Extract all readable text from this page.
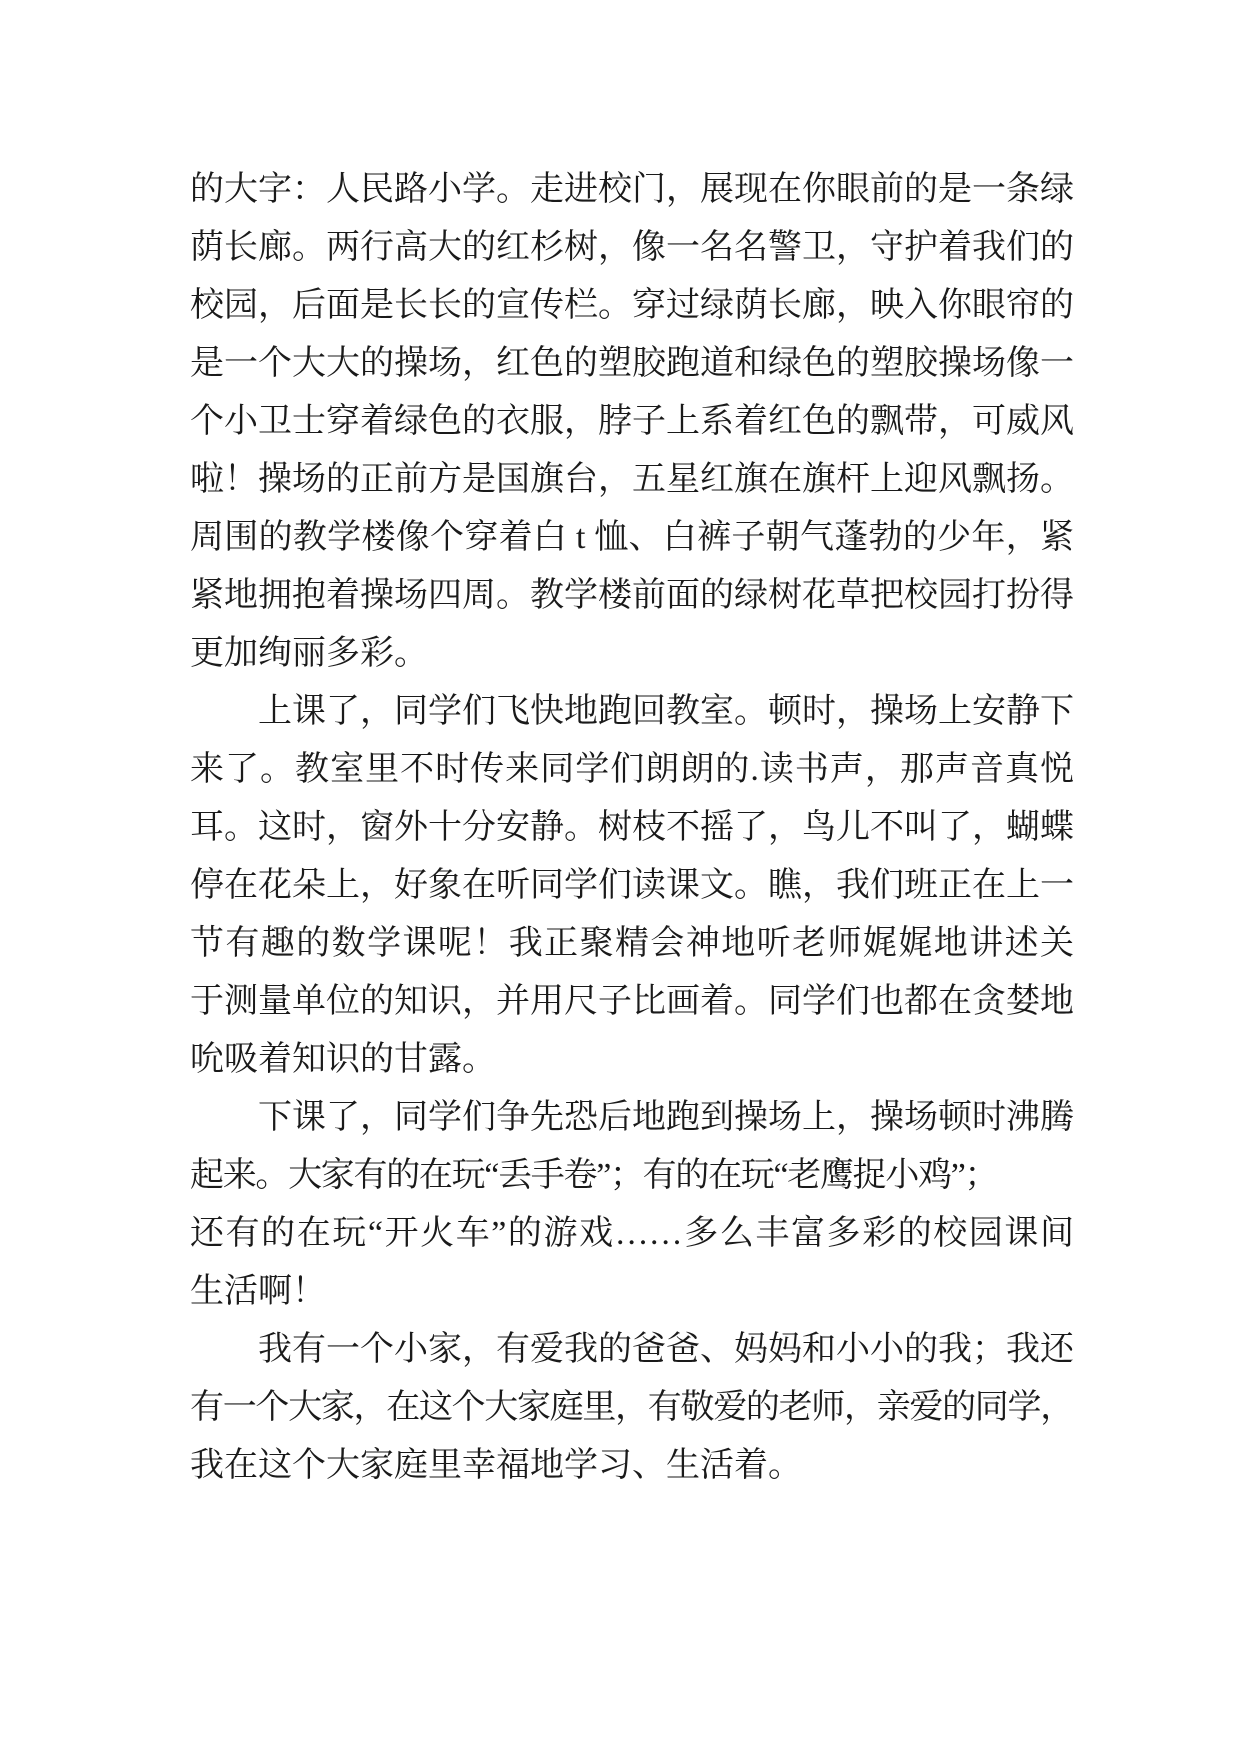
的大字：人民路小学。走进校门，展现在你眼前的是一条绿
荫长廊。两行高大的红杉树，像一名名警卫，守护着我们的
校园，后面是长长的宣传栏。穿过绿荫长廊，映入你眼帘的
是一个大大的操场，红色的塑胶跑道和绿色的塑胶操场像一
个小卫士穿着绿色的衣服，脖子上系着红色的飘带，可威风
啦！操场的正前方是国旗台，五星红旗在旗杆上迎风飘扬。
周围的教学楼像个穿着白 t 恤、白裤子朝气蓬勃的少年，紧
紧地拥抱着操场四周。教学楼前面的绿树花草把校园打扮得
更加绚丽多彩。
上课了，同学们飞快地跑回教室。顿时，操场上安静下
来了。教室里不时传来同学们朗朗的.读书声，那声音真悦
耳。这时，窗外十分安静。树枝不摇了，鸟儿不叫了，蝴蝶
停在花朵上，好象在听同学们读课文。瞧，我们班正在上一
节有趣的数学课呢！我正聚精会神地听老师娓娓地讲述关
于测量单位的知识，并用尺子比画着。同学们也都在贪婪地
吮吸着知识的甘露。
下课了，同学们争先恐后地跑到操场上，操场顿时沸腾
起来。大家有的在玩“丢手卷”；有的在玩“老鹰捉小鸡”；
还有的在玩“开火车”的游戏……多么丰富多彩的校园课间
生活啊！
我有一个小家，有爱我的爸爸、妈妈和小小的我；我还
有一个大家，在这个大家庭里，有敬爱的老师，亲爱的同学，
我在这个大家庭里幸福地学习、生活着。
